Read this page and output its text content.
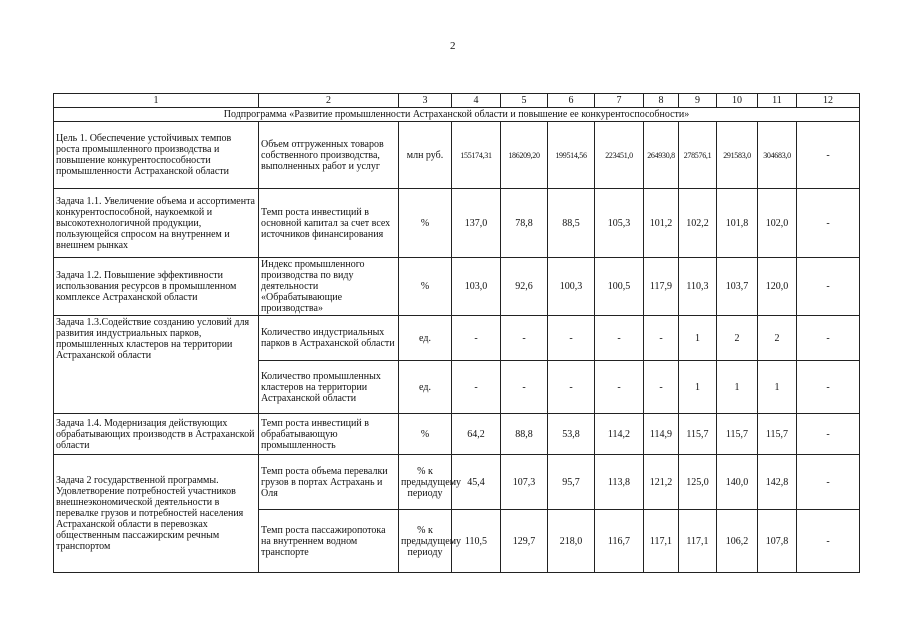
2
1	2	3	4	5	6	7	8	9	10	11	12
Подпрограмма «Развитие промышленности Астраханской области и повышение ее конкурентоспособности»											
Цель 1. Обеспечение устойчивых темпов роста промышленного производства и повышение конкурентоспособности промышленности Астраханской области	Объем отгруженных товаров собственного производства, выполненных работ и услуг	млн руб.	155174,31	186209,20	199514,56	223451,0	264930,8	278576,1	291583,0	304683,0	-
Задача 1.1. Увеличение объема и ассортимента конкурентоспособной, наукоемкой и высокотехнологичной продукции, пользующейся спросом на внутреннем и внешнем рынках	Темп роста инвестиций в основной капитал за счет всех источников финансирования	%	137,0	78,8	88,5	105,3	101,2	102,2	101,8	102,0	-
Задача 1.2. Повышение эффективности использования ресурсов в промышленном комплексе Астраханской области	Индекс промышленного производства по виду деятельности «Обрабатывающие производства»	%	103,0	92,6	100,3	100,5	117,9	110,3	103,7	120,0	-
Задача 1.3.Содействие созданию условий для развития индустриальных парков, промышленных кластеров на территории Астраханской области	Количество индустриальных парков в Астраханской области	ед.	-	-	-	-	-	1	2	2	-
	Количество промышленных кластеров на территории Астраханской области	ед.	-	-	-	-	-	1	1	1	-
Задача 1.4. Модернизация действующих обрабатывающих производств в Астраханской области	Темп роста инвестиций в обрабатывающую промышленность	%	64,2	88,8	53,8	114,2	114,9	115,7	115,7	115,7	-
Задача 2 государственной программы. Удовлетворение потребностей участников внешнеэкономической деятельности в перевалке грузов и потребностей населения Астраханской области в перевозках общественным пассажирским речным транспортом	Темп роста объема перевалки грузов в портах Астрахань и Оля	% к предыдущему периоду	45,4	107,3	95,7	113,8	121,2	125,0	140,0	142,8	-
	Темп роста пассажиропотока на внутреннем водном транспорте	% к предыдущему периоду	110,5	129,7	218,0	116,7	117,1	117,1	106,2	107,8	-
